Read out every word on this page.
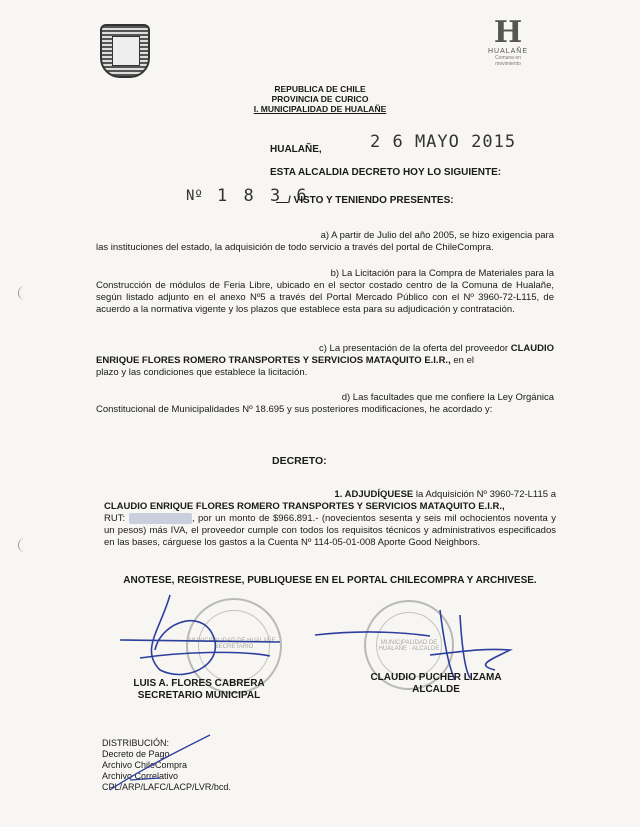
H
HUALAÑE
Comuna en movimiento
REPUBLICA DE CHILE
PROVINCIA DE CURICO
I. MUNICIPALIDAD DE HUALAÑE
HUALAÑE,	2 6 MAYO 2015
ESTA ALCALDIA DECRETO HOY LO SIGUIENTE:
Nº 1 8 3 6
/ VISTO Y TENIENDO PRESENTES:
a) A partir de Julio del año 2005, se hizo exigencia para
las instituciones del estado, la adquisición de todo servicio a través del portal de ChileCompra.
b) La Licitación para la Compra de Materiales para la
Construcción de módulos de Feria Libre, ubicado en el sector costado centro de la Comuna de Hualañe, según listado adjunto en el anexo Nº5 a través del Portal Mercado Público con el Nº 3960-72-L115, de acuerdo a la normativa vigente y los plazos que establece esta para su adjudicación y contratación.
c) La presentación de la oferta del proveedor CLAUDIO
ENRIQUE FLORES ROMERO TRANSPORTES Y SERVICIOS MATAQUITO E.I.R., en el
plazo y las condiciones que establece la licitación.
d) Las facultades que me confiere la Ley Orgánica
Constitucional de Municipalidades Nº 18.695 y sus posteriores modificaciones, he acordado y:
DECRETO:
1. ADJUDÍQUESE la Adquisición Nº 3960-72-L115 a
CLAUDIO ENRIQUE FLORES ROMERO TRANSPORTES Y SERVICIOS MATAQUITO E.I.R.,
RUT:	, por un monto de $966.891.- (novecientos sesenta y seis mil ochocientos noventa y un pesos) más IVA, el proveedor cumple con todos los requisitos técnicos y administrativos especificados en las bases, cárguese los gastos a la Cuenta Nº 114-05-01-008 Aporte Good Neighbors.
ANOTESE, REGISTRESE, PUBLIQUESE EN EL PORTAL CHILECOMPRA Y ARCHIVESE.
MUNICIPALIDAD DE HUALAÑE · SECRETARIO
MUNICIPALIDAD DE HUALAÑE · ALCALDE
LUIS A. FLORES CABRERA
SECRETARIO MUNICIPAL
CLAUDIO PUCHER LIZAMA
ALCALDE
DISTRIBUCIÓN:
Decreto de Pago
Archivo ChileCompra
Archivo Correlativo
CPL/ARP/LAFC/LACP/LVR/bcd.
